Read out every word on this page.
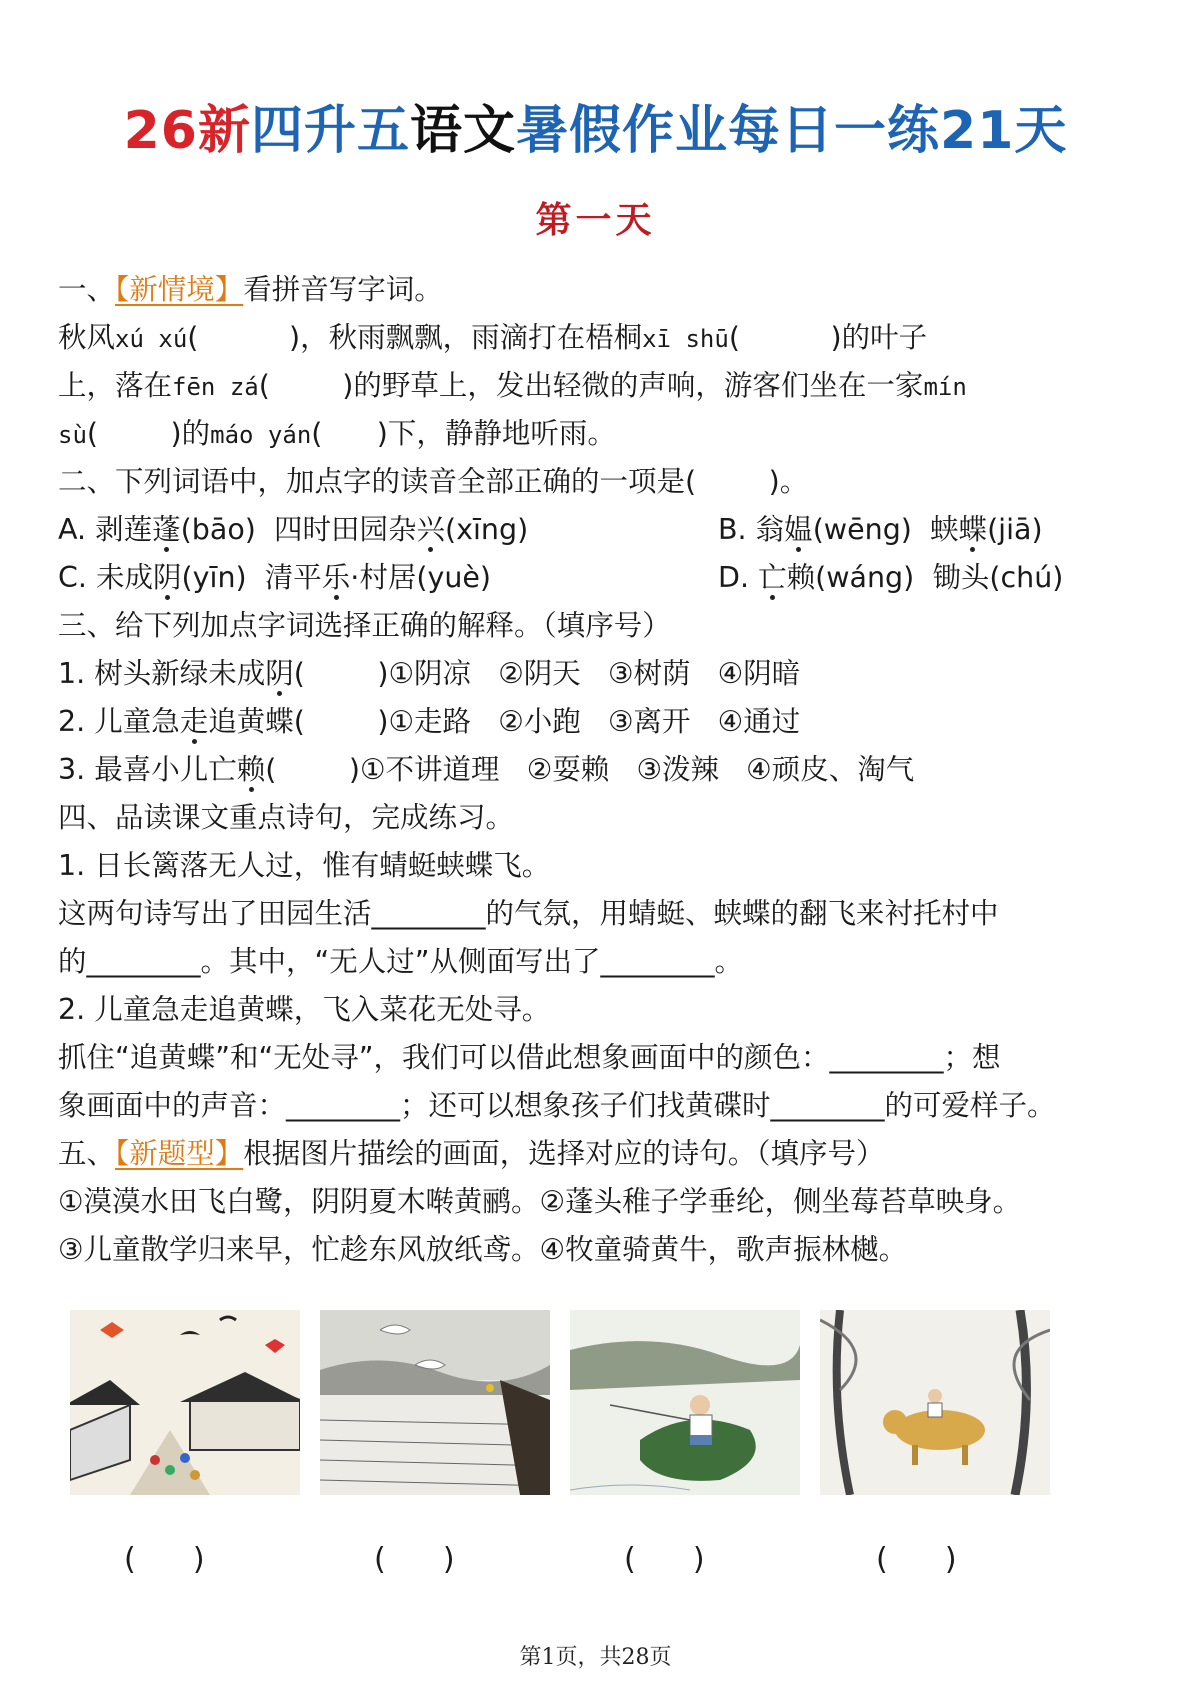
26新四升五语文暑假作业每日一练21天
第一天
一、【新情境】看拼音写字词。
秋风xú xú(          )，秋雨飘飘，雨滴打在梧桐xī shū(          )的叶子
上，落在fēn zá(        )的野草上，发出轻微的声响，游客们坐在一家mín
sù(        )的máo yán(      )下，静静地听雨。
二、下列词语中，加点字的读音全部正确的一项是(        )。
A. 剥莲蓬(bāo)  四时田园杂兴(xīng)	B. 翁媪(wēng)  蛱蝶(jiā)
C. 未成阴(yīn)  清平乐·村居(yuè)	D. 亡赖(wáng)  锄头(chú)
三、给下列加点字词选择正确的解释。（填序号）
1. 树头新绿未成阴(        )①阴凉   ②阴天   ③树荫   ④阴暗
2. 儿童急走追黄蝶(        )①走路   ②小跑   ③离开   ④通过
3. 最喜小儿亡赖(        )①不讲道理   ②耍赖   ③泼辣   ④顽皮、淘气
四、品读课文重点诗句，完成练习。
1. 日长篱落无人过，惟有蜻蜓蛱蝶飞。
这两句诗写出了田园生活________的气氛，用蜻蜓、蛱蝶的翻飞来衬托村中
的________。其中，“无人过”从侧面写出了________。
2. 儿童急走追黄蝶，飞入菜花无处寻。
抓住“追黄蝶”和“无处寻”，我们可以借此想象画面中的颜色：________；想
象画面中的声音：________；还可以想象孩子们找黄碟时________的可爱样子。
五、【新题型】根据图片描绘的画面，选择对应的诗句。（填序号）
①漠漠水田飞白鹭，阴阴夏木啭黄鹂。②蓬头稚子学垂纶，侧坐莓苔草映身。
③儿童散学归来早，忙趁东风放纸鸢。④牧童骑黄牛，歌声振林樾。
(      )	(      )	(      )	(      )
第1页，共28页
